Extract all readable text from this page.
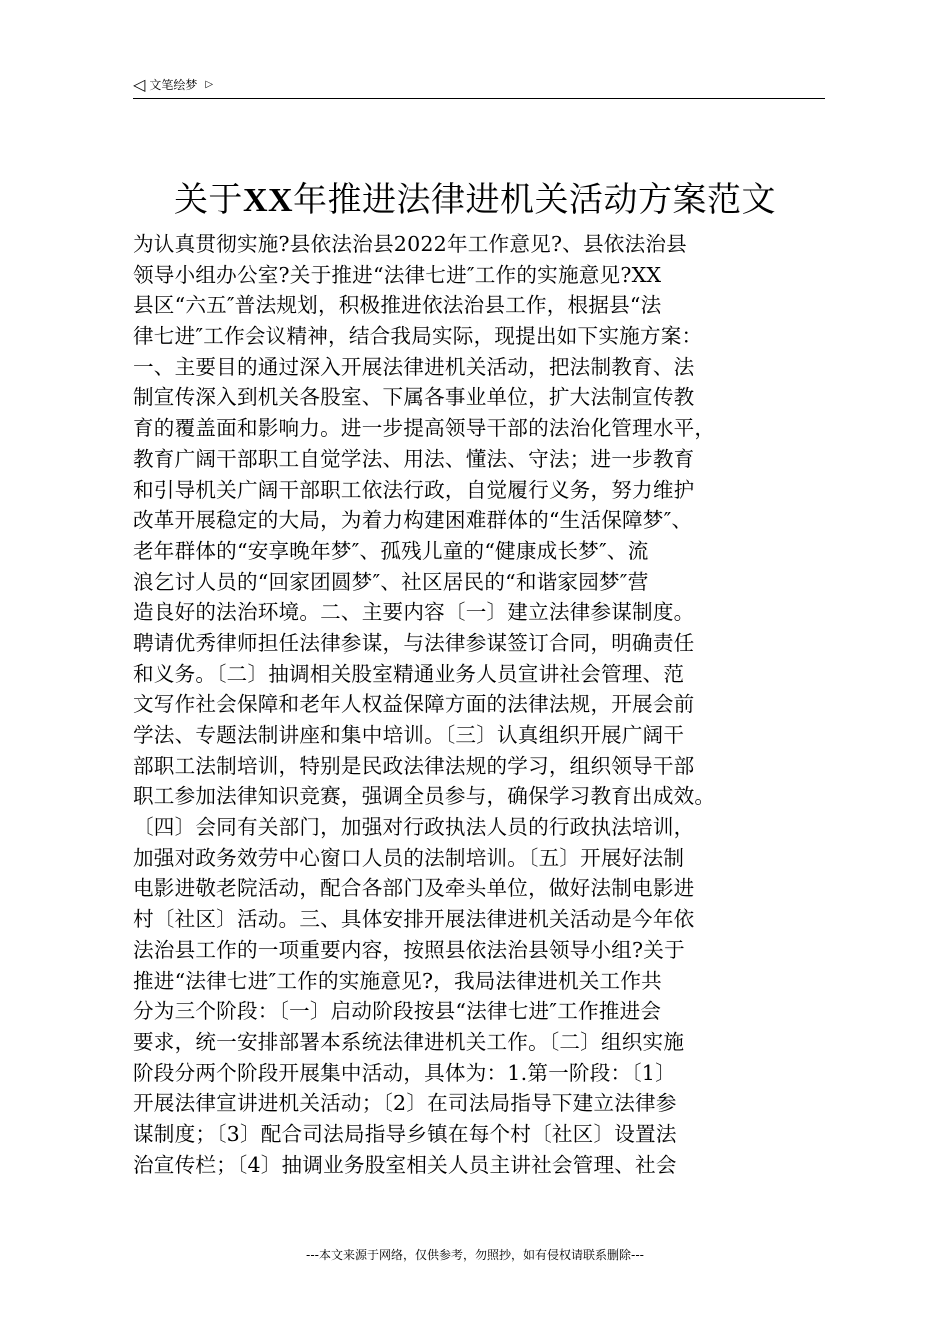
◁ 文笔绘梦 ▷
关于XX年推进法律进机关活动方案范文
为认真贯彻实施?县依法治县2022年工作意见?、县依法治县
领导小组办公室?关于推进“法律七进″工作的实施意见?XX
县区“六五″普法规划，积极推进依法治县工作，根据县“法
律七进″工作会议精神，结合我局实际，现提出如下实施方案：
一、主要目的通过深入开展法律进机关活动，把法制教育、法
制宣传深入到机关各股室、下属各事业单位，扩大法制宣传教
育的覆盖面和影响力。进一步提高领导干部的法治化管理水平，
教育广阔干部职工自觉学法、用法、懂法、守法；进一步教育
和引导机关广阔干部职工依法行政，自觉履行义务，努力维护
改革开展稳定的大局，为着力构建困难群体的“生活保障梦″、
老年群体的“安享晚年梦″、孤残儿童的“健康成长梦″、流
浪乞讨人员的“回家团圆梦″、社区居民的“和谐家园梦″营
造良好的法治环境。二、主要内容〔一〕建立法律参谋制度。
聘请优秀律师担任法律参谋，与法律参谋签订合同，明确责任
和义务。〔二〕抽调相关股室精通业务人员宣讲社会管理、范
文写作社会保障和老年人权益保障方面的法律法规，开展会前
学法、专题法制讲座和集中培训。〔三〕认真组织开展广阔干
部职工法制培训，特别是民政法律法规的学习，组织领导干部
职工参加法律知识竞赛，强调全员参与，确保学习教育出成效。
〔四〕会同有关部门，加强对行政执法人员的行政执法培训，
加强对政务效劳中心窗口人员的法制培训。〔五〕开展好法制
电影进敬老院活动，配合各部门及牵头单位，做好法制电影进
村〔社区〕活动。三、具体安排开展法律进机关活动是今年依
法治县工作的一项重要内容，按照县依法治县领导小组?关于
推进“法律七进″工作的实施意见?，我局法律进机关工作共
分为三个阶段：〔一〕启动阶段按县“法律七进″工作推进会
要求，统一安排部署本系统法律进机关工作。〔二〕组织实施
阶段分两个阶段开展集中活动，具体为：1.第一阶段：〔1〕
开展法律宣讲进机关活动；〔2〕在司法局指导下建立法律参
谋制度；〔3〕配合司法局指导乡镇在每个村〔社区〕设置法
治宣传栏；〔4〕抽调业务股室相关人员主讲社会管理、社会
---本文来源于网络，仅供参考，勿照抄，如有侵权请联系删除---
